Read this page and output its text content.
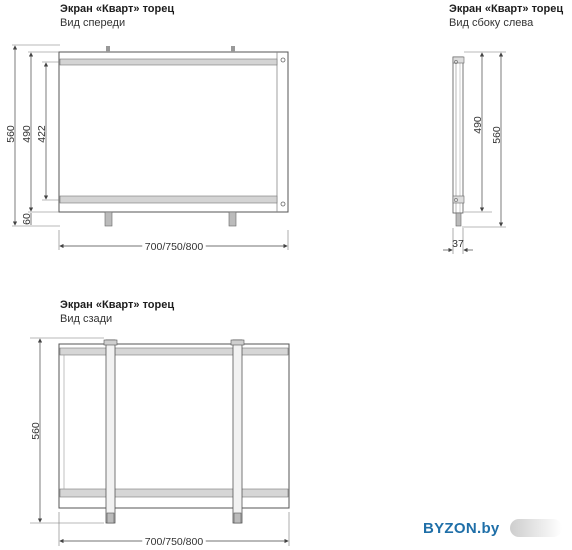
Экран «Кварт» торец
Вид спереди
Экран «Кварт» торец
Вид сбоку слева
Экран «Кварт» торец
Вид сзади
560 490 422
60
700/750/800
490
560
37
560
700/750/800
BYZON.by
